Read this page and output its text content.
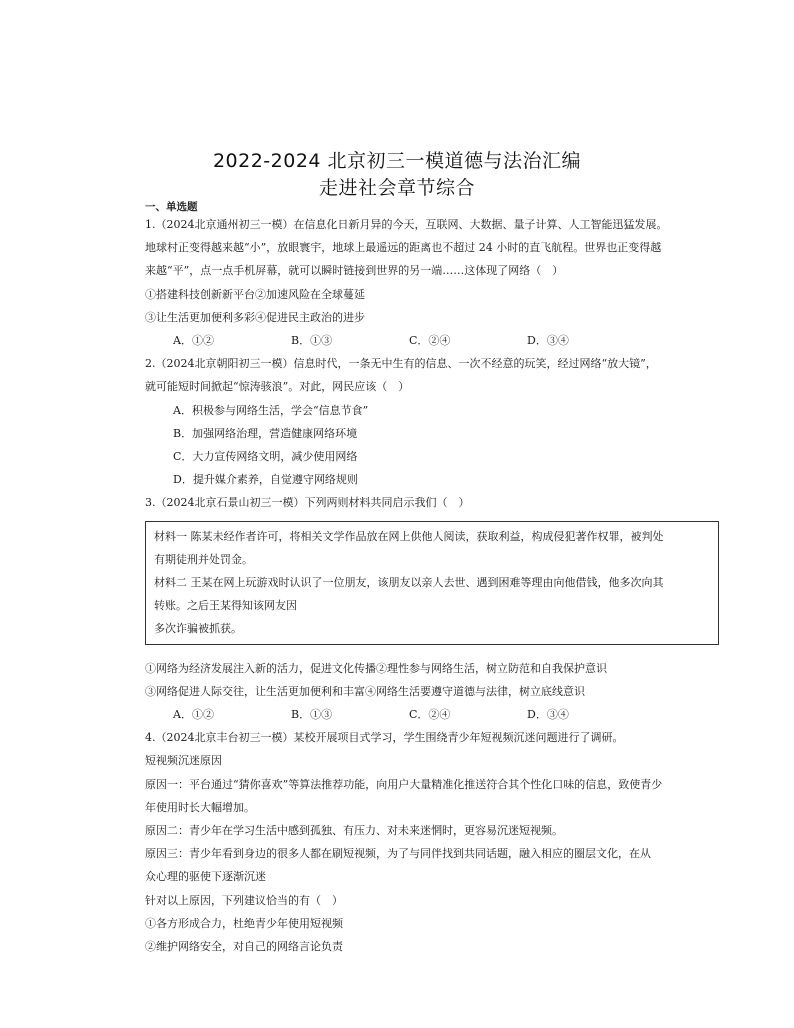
2022-2024 北京初三一模道德与法治汇编
走进社会章节综合
一、单选题
1.（2024北京通州初三一模）在信息化日新月异的今天，互联网、大数据、量子计算、人工智能迅猛发展。
地球村正变得越来越“小”，放眼寰宇，地球上最遥远的距离也不超过 24 小时的直飞航程。世界也正变得越
来越“平”，点一点手机屏幕，就可以瞬时链接到世界的另一端……这体现了网络（　）
①搭建科技创新新平台②加速风险在全球蔓延
③让生活更加便利多彩④促进民主政治的进步
A．①②	B．①③	C．②④	D．③④
2.（2024北京朝阳初三一模）信息时代，一条无中生有的信息、一次不经意的玩笑，经过网络“放大镜”，
就可能短时间掀起“惊涛骇浪”。对此，网民应该（　）
A．积极参与网络生活，学会“信息节食”
B．加强网络治理，营造健康网络环境
C．大力宣传网络文明，减少使用网络
D．提升媒介素养，自觉遵守网络规则
3.（2024北京石景山初三一模）下列两则材料共同启示我们（　）
材料一 陈某未经作者许可，将相关文学作品放在网上供他人阅读，获取利益，构成侵犯著作权罪，被判处
有期徒刑并处罚金。
材料二 王某在网上玩游戏时认识了一位朋友，该朋友以亲人去世、遇到困难等理由向他借钱，他多次向其
转账。之后王某得知该网友因
多次诈骗被抓获。
①网络为经济发展注入新的活力，促进文化传播②理性参与网络生活，树立防范和自我保护意识
③网络促进人际交往，让生活更加便利和丰富④网络生活要遵守道德与法律，树立底线意识
A．①②	B．①③	C．②④	D．③④
4.（2024北京丰台初三一模）某校开展项目式学习，学生围绕青少年短视频沉迷问题进行了调研。
短视频沉迷原因
原因一：平台通过“猜你喜欢”等算法推荐功能，向用户大量精准化推送符合其个性化口味的信息，致使青少
年使用时长大幅增加。
原因二：青少年在学习生活中感到孤独、有压力、对未来迷惘时，更容易沉迷短视频。
原因三：青少年看到身边的很多人都在刷短视频，为了与同伴找到共同话题，融入相应的圈层文化，在从
众心理的驱使下逐渐沉迷
针对以上原因，下列建议恰当的有（　）
①各方形成合力，杜绝青少年使用短视频
②维护网络安全，对自己的网络言论负责
